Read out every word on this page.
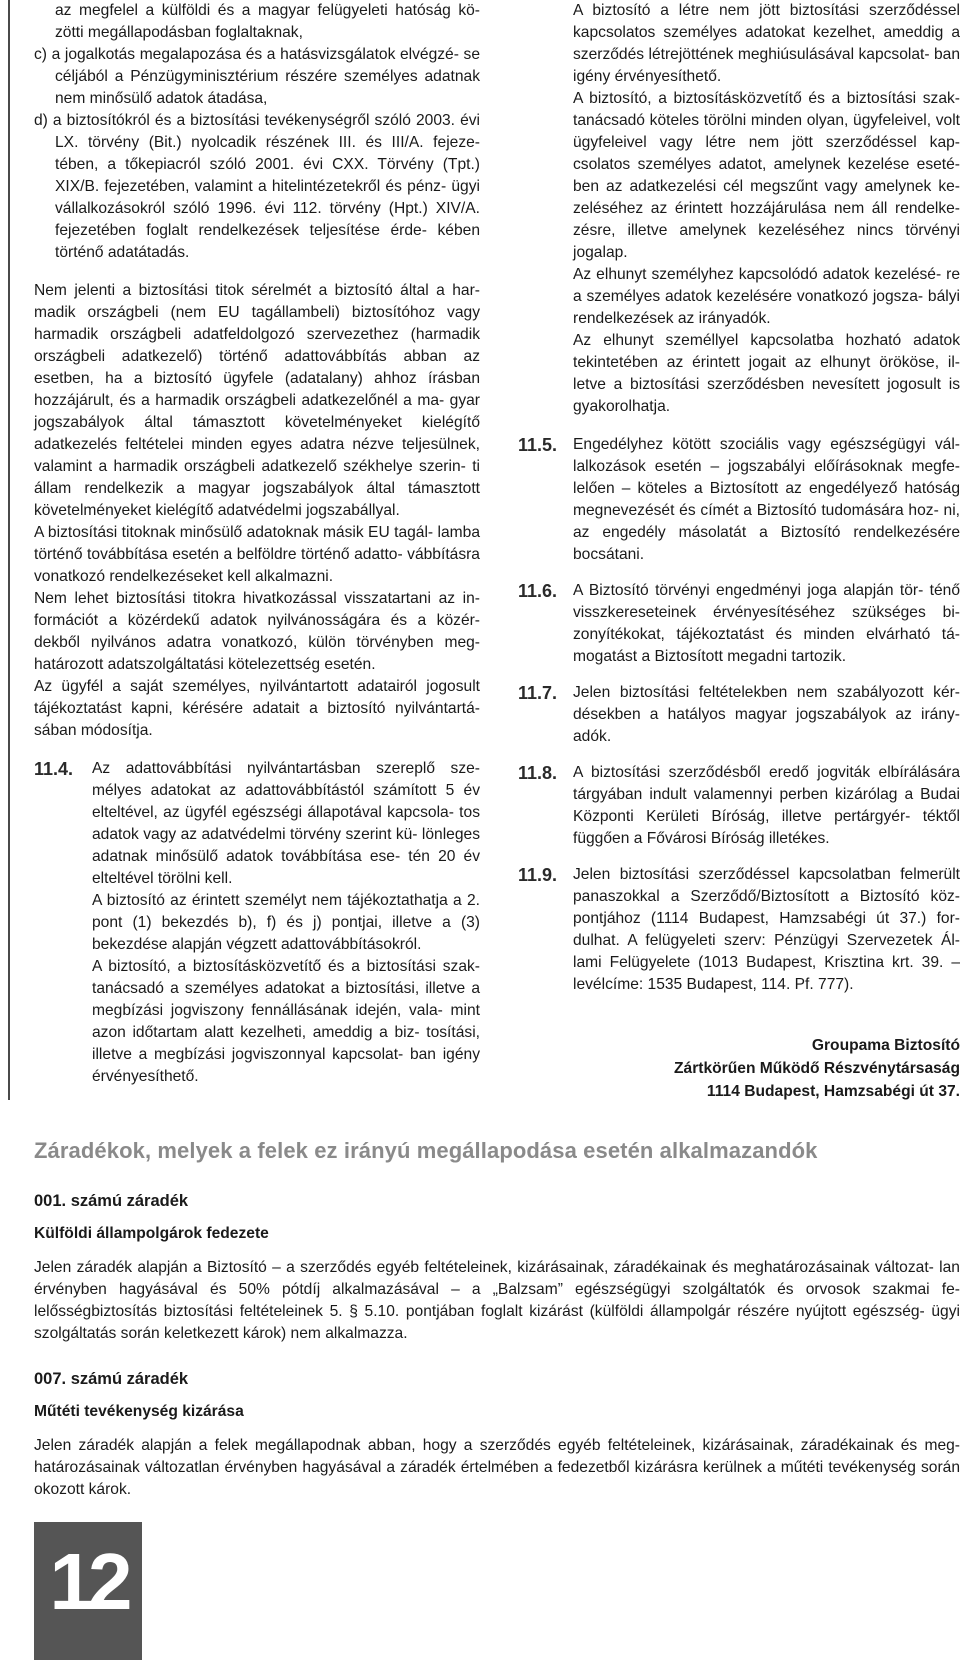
az megfelel a külföldi és a magyar felügyeleti hatóság kö- zötti megállapodásban foglaltaknak,

c) a jogalkotás megalapozása és a hatásvizsgálatok elvégzé- se céljából a Pénzügyminisztérium részére személyes adatnak nem minősülő adatok átadása,

d) a biztosítókról és a biztosítási tevékenységről szóló 2003. évi LX. törvény (Bit.) nyolcadik részének III. és III/A. fejeze- tében, a tőkepiacról szóló 2001. évi CXX. Törvény (Tpt.) XIX/B. fejezetében, valamint a hitelintézetekről és pénz- ügyi vállalkozásokról szóló 1996. évi 112. törvény (Hpt.) XIV/A. fejezetében foglalt rendelkezések teljesítése érde- kében történő adatátadás.

Nem jelenti a biztosítási titok sérelmét a biztosító által a har- madik országbeli (nem EU tagállambeli) biztosítóhoz vagy harmadik országbeli adatfeldolgozó szervezethez (harmadik országbeli adatkezelő) történő adattovábbítás abban az esetben, ha a biztosító ügyfele (adatalany) ahhoz írásban hozzájárult, és a harmadik országbeli adatkezelőnél a ma- gyar jogszabályok által támasztott követelményeket kielégítő adatkezelés feltételei minden egyes adatra nézve teljesülnek, valamint a harmadik országbeli adatkezelő székhelye szerin- ti állam rendelkezik a magyar jogszabályok által támasztott követelményeket kielégítő adatvédelmi jogszabállyal.

A biztosítási titoknak minősülő adatoknak másik EU tagál- lamba történő továbbítása esetén a belföldre történő adatto- vábbításra vonatkozó rendelkezéseket kell alkalmazni.

Nem lehet biztosítási titokra hivatkozással visszatartani az in- formációt a közérdekű adatok nyilvánosságára és a közér- dekből nyilvános adatra vonatkozó, külön törvényben meg- határozott adatszolgáltatási kötelezettség esetén.

Az ügyfél a saját személyes, nyilvántartott adatairól jogosult tájékoztatást kapni, kérésére adatait a biztosító nyilvántartá- sában módosítja.

11.4.	Az adattovábbítási nyilvántartásban szereplő sze- mélyes adatokat az adattovábbítástól számított 5 év elteltével, az ügyfél egészségi állapotával kapcsola- tos adatok vagy az adatvédelmi törvény szerint kü- lönleges adatnak minősülő adatok továbbítása ese- tén 20 év elteltével törölni kell.

A biztosító az érintett személyt nem tájékoztathatja a 2. pont (1) bekezdés b), f) és j) pontjai, illetve a (3) bekezdése alapján végzett adattovábbításokról.

A biztosító, a biztosításközvetítő és a biztosítási szak- tanácsadó a személyes adatokat a biztosítási, illetve a megbízási jogviszony fennállásának idején, vala- mint azon időtartam alatt kezelheti, ameddig a biz- tosítási, illetve a megbízási jogviszonnyal kapcsolat- ban igény érvényesíthető.

A biztosító a létre nem jött biztosítási szerződéssel kapcsolatos személyes adatokat kezelhet, ameddig a szerződés létrejöttének meghiúsulásával kapcsolat- ban igény érvényesíthető.

A biztosító, a biztosításközvetítő és a biztosítási szak- tanácsadó köteles törölni minden olyan, ügyfeleivel, volt ügyfeleivel vagy létre nem jött szerződéssel kap- csolatos személyes adatot, amelynek kezelése eseté- ben az adatkezelési cél megszűnt vagy amelynek ke- zeléséhez az érintett hozzájárulása nem áll rendelke- zésre, illetve amelynek kezeléséhez nincs törvényi jogalap.

Az elhunyt személyhez kapcsolódó adatok kezelésé- re a személyes adatok kezelésére vonatkozó jogsza- bályi rendelkezések az irányadók.

Az elhunyt személlyel kapcsolatba hozható adatok tekintetében az érintett jogait az elhunyt örököse, il- letve a biztosítási szerződésben nevesített jogosult is gyakorolhatja.

11.5.	Engedélyhez kötött szociális vagy egészségügyi vál- lalkozások esetén – jogszabályi előírásoknak megfe- lelően – köteles a Biztosított az engedélyező hatóság megnevezését és címét a Biztosító tudomására hoz- ni, az engedély másolatát a Biztosító rendelkezésére bocsátani.

11.6.	A Biztosító törvényi engedményi joga alapján tör- ténő visszkereseteinek érvényesítéséhez szükséges bi- zonyítékokat, tájékoztatást és minden elvárható tá- mogatást a Biztosított megadni tartozik.

11.7.	Jelen biztosítási feltételekben nem szabályozott kér- désekben a hatályos magyar jogszabályok az irány- adók.

11.8.	A biztosítási szerződésből eredő jogviták elbírálására tárgyában indult valamennyi perben kizárólag a Budai Központi Kerületi Bíróság, illetve pertárgyér- téktől függően a Fővárosi Bíróság illetékes.

11.9.	Jelen biztosítási szerződéssel kapcsolatban felmerült panaszokkal a Szerződő/Biztosított a Biztosító köz- pontjához (1114 Budapest, Hamzsabégi út 37.) for- dulhat. A felügyeleti szerv: Pénzügyi Szervezetek Ál- lami Felügyelete (1013 Budapest, Krisztina krt. 39. – levélcíme: 1535 Budapest, 114. Pf. 777).

Groupama Biztosító
Zártkörűen Működő Részvénytársaság
1114 Budapest, Hamzsabégi út 37.

Záradékok, melyek a felek ez irányú megállapodása esetén alkalmazandók

001. számú záradék

Külföldi állampolgárok fedezete

Jelen záradék alapján a Biztosító – a szerződés egyéb feltételeinek, kizárásainak, záradékainak és meghatározásainak változat- lan érvényben hagyásával és 50% pótdíj alkalmazásával – a „Balzsam” egészségügyi szolgáltatók és orvosok szakmai fe- lelősségbiztosítás biztosítási feltételeinek 5. § 5.10. pontjában foglalt kizárást (külföldi állampolgár részére nyújtott egészség- ügyi szolgáltatás során keletkezett károk) nem alkalmazza.

007. számú záradék

Műtéti tevékenység kizárása

Jelen záradék alapján a felek megállapodnak abban, hogy a szerződés egyéb feltételeinek, kizárásainak, záradékainak és meg- határozásainak változatlan érvényben hagyásával a záradék értelmében a fedezetből kizárásra kerülnek a műtéti tevékenység során okozott károk.

12
